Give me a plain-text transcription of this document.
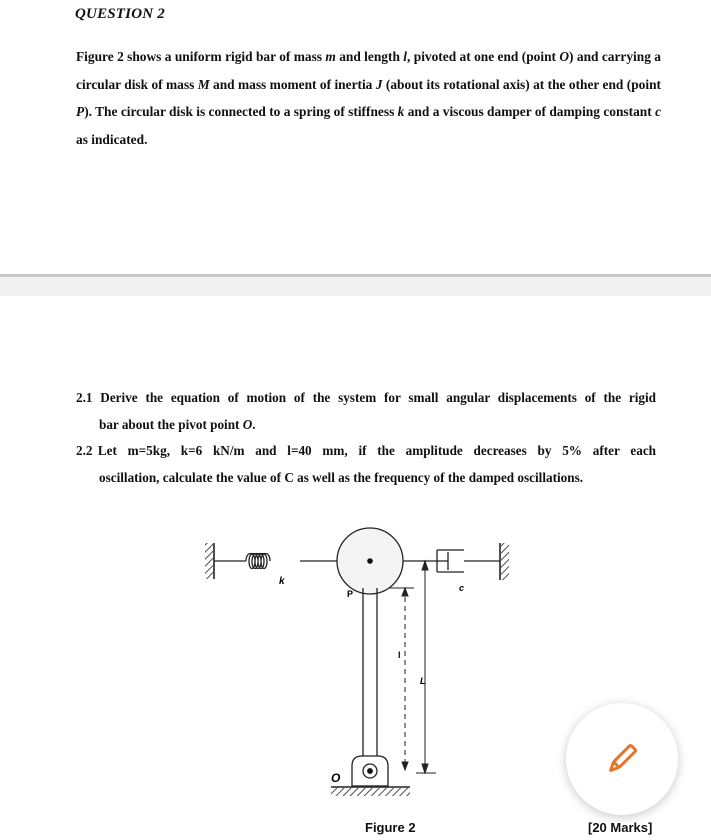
QUESTION 2
Figure 2 shows a uniform rigid bar of mass m and length l, pivoted at one end (point O) and carrying a circular disk of mass M and mass moment of inertia J (about its rotational axis) at the other end (point P). The circular disk is connected to a spring of stiffness k and a viscous damper of damping constant c as indicated.
2.1 Derive the equation of motion of the system for small angular displacements of the rigid
bar about the pivot point O.
2.2 Let  m=5kg,  k=6  kN/m  and  l=40  mm,  if  the  amplitude  decreases  by  5%  after  each
oscillation, calculate the value of C as well as the frequency of the damped oscillations.
k
P
c
l
L
O
Figure 2	[20 Marks]
